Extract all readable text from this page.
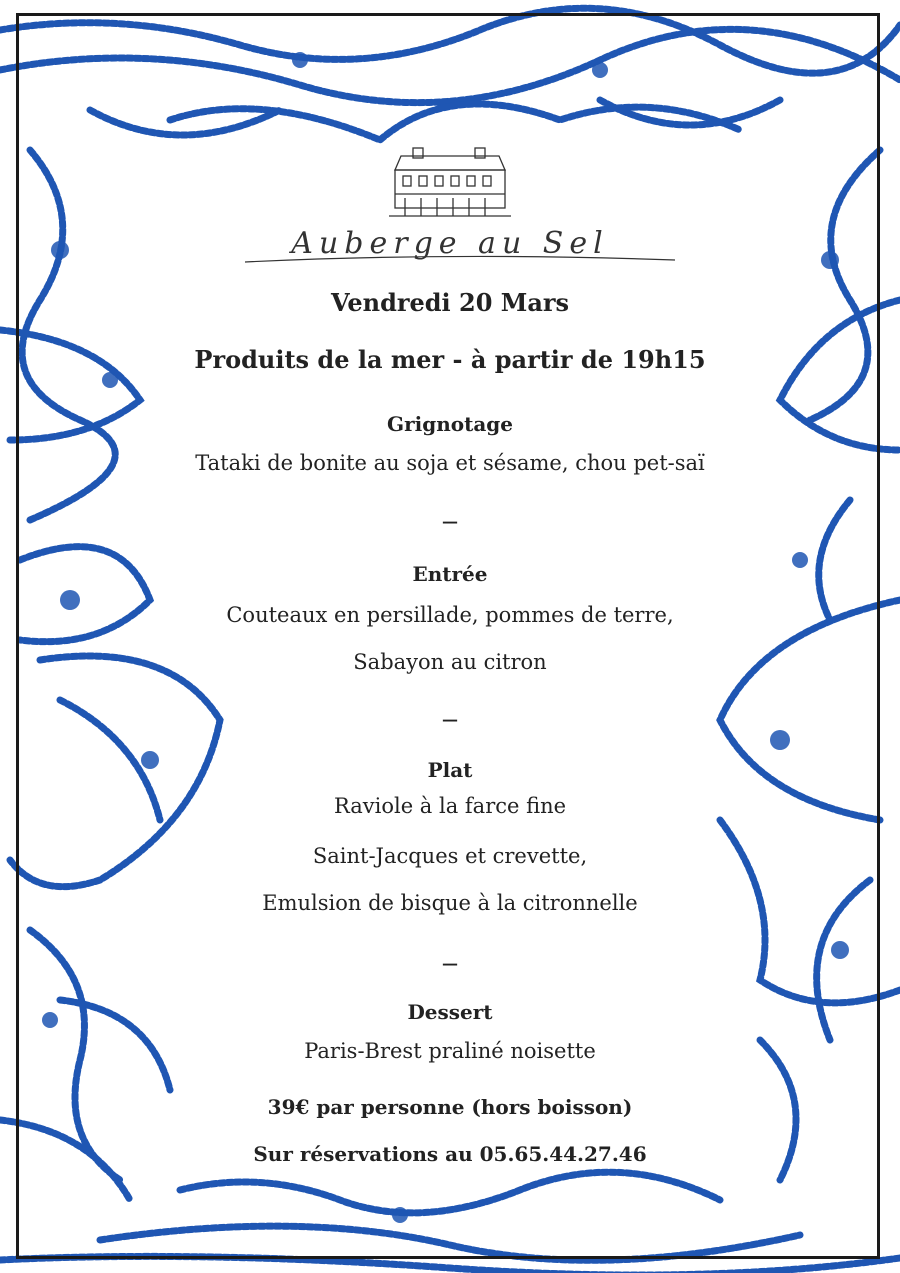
Auberge au Sel
Vendredi 20 Mars
Produits de la mer - à partir de 19h15
Grignotage
Tataki de bonite au soja et sésame, chou pet-saï
—
Entrée
Couteaux en persillade, pommes de terre,
Sabayon au citron
—
Plat
Raviole à la farce fine
Saint-Jacques et crevette,
Emulsion de bisque à la citronnelle
—
Dessert
Paris-Brest praliné noisette
39€ par personne (hors boisson)
Sur réservations au 05.65.44.27.46
